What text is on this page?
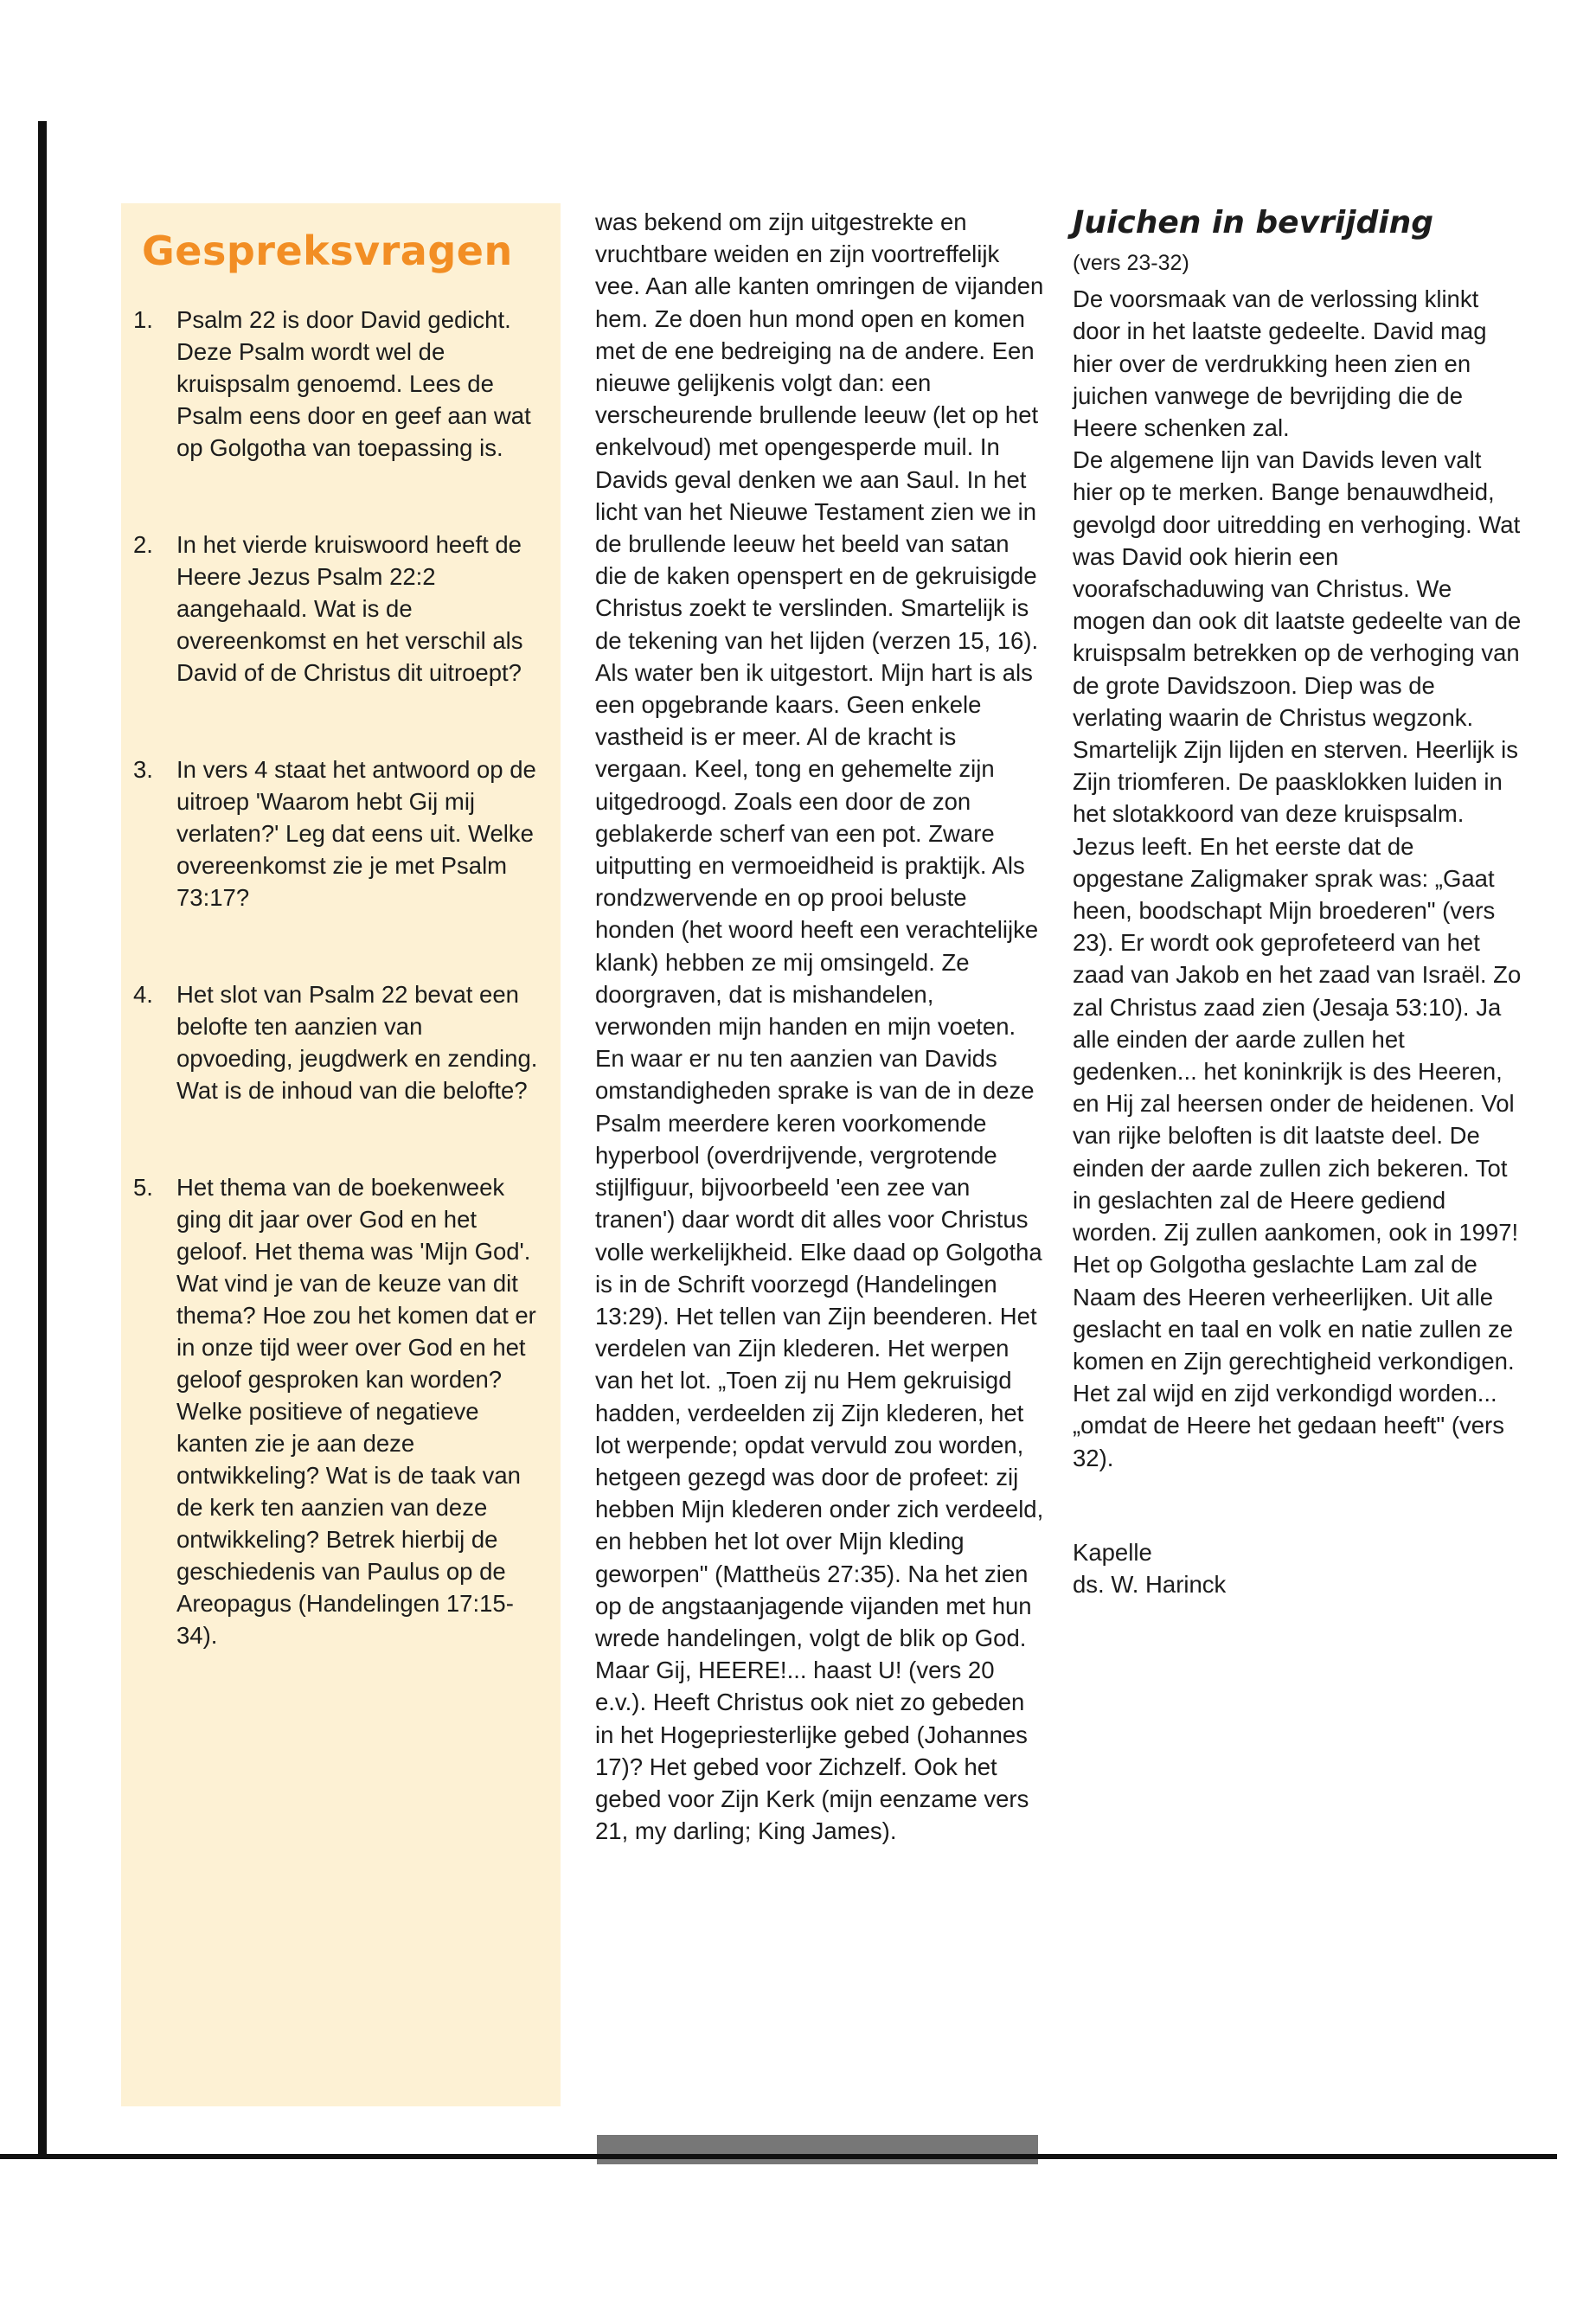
Gespreksvragen
1. Psalm 22 is door David gedicht. Deze Psalm wordt wel de kruispsalm genoemd. Lees de Psalm eens door en geef aan wat op Golgotha van toepassing is.
2. In het vierde kruiswoord heeft de Heere Jezus Psalm 22:2 aangehaald. Wat is de overeenkomst en het verschil als David of de Christus dit uitroept?
3. In vers 4 staat het antwoord op de uitroep 'Waarom hebt Gij mij verlaten?' Leg dat eens uit. Welke overeenkomst zie je met Psalm 73:17?
4. Het slot van Psalm 22 bevat een belofte ten aanzien van opvoeding, jeugdwerk en zending. Wat is de inhoud van die belofte?
5. Het thema van de boekenweek ging dit jaar over God en het geloof. Het thema was 'Mijn God'. Wat vind je van de keuze van dit thema? Hoe zou het komen dat er in onze tijd weer over God en het geloof gesproken kan worden? Welke positieve of negatieve kanten zie je aan deze ontwikkeling? Wat is de taak van de kerk ten aanzien van deze ontwikkeling? Betrek hierbij de geschiedenis van Paulus op de Areopagus (Handelingen 17:15-34).

was bekend om zijn uitgestrekte en vruchtbare weiden en zijn voortreffelijk vee. Aan alle kanten omringen de vijanden hem. Ze doen hun mond open en komen met de ene bedreiging na de andere. Een nieuwe gelijkenis volgt dan: een verscheurende brullende leeuw (let op het enkelvoud) met opengesperde muil. In Davids geval denken we aan Saul. In het licht van het Nieuwe Testament zien we in de brullende leeuw het beeld van satan die de kaken openspert en de gekruisigde Christus zoekt te verslinden. Smartelijk is de tekening van het lijden (verzen 15, 16). Als water ben ik uitgestort. Mijn hart is als een opgebrande kaars. Geen enkele vastheid is er meer. Al de kracht is vergaan. Keel, tong en gehemelte zijn uitgedroogd. Zoals een door de zon geblakerde scherf van een pot. Zware uitputting en vermoeidheid is praktijk. Als rondzwervende en op prooi beluste honden (het woord heeft een verachtelijke klank) hebben ze mij omsingeld. Ze doorgraven, dat is mishandelen, verwonden mijn handen en mijn voeten. En waar er nu ten aanzien van Davids omstandigheden sprake is van de in deze Psalm meerdere keren voorkomende hyperbool (overdrijvende, vergrotende stijlfiguur, bijvoorbeeld 'een zee van tranen') daar wordt dit alles voor Christus volle werkelijkheid. Elke daad op Golgotha is in de Schrift voorzegd (Handelingen 13:29). Het tellen van Zijn beenderen. Het verdelen van Zijn klederen. Het werpen van het lot. „Toen zij nu Hem gekruisigd hadden, verdeelden zij Zijn klederen, het lot werpende; opdat vervuld zou worden, hetgeen gezegd was door de profeet: zij hebben Mijn klederen onder zich verdeeld, en hebben het lot over Mijn kleding geworpen" (Mattheüs 27:35). Na het zien op de angstaanjagende vijanden met hun wrede handelingen, volgt de blik op God. Maar Gij, HEERE!... haast U! (vers 20 e.v.). Heeft Christus ook niet zo gebeden in het Hogepriesterlijke gebed (Johannes 17)? Het gebed voor Zichzelf. Ook het gebed voor Zijn Kerk (mijn eenzame vers 21, my darling; King James).

Juichen in bevrijding
(vers 23-32)

De voorsmaak van de verlossing klinkt door in het laatste gedeelte. David mag hier over de verdrukking heen zien en juichen vanwege de bevrijding die de Heere schenken zal.

De algemene lijn van Davids leven valt hier op te merken. Bange benauwdheid, gevolgd door uitredding en verhoging. Wat was David ook hierin een voorafschaduwing van Christus. We mogen dan ook dit laatste gedeelte van de kruispsalm betrekken op de verhoging van de grote Davidszoon. Diep was de verlating waarin de Christus wegzonk. Smartelijk Zijn lijden en sterven. Heerlijk is Zijn triomferen. De paasklokken luiden in het slotakkoord van deze kruispsalm. Jezus leeft. En het eerste dat de opgestane Zaligmaker sprak was: „Gaat heen, boodschapt Mijn broederen" (vers 23). Er wordt ook geprofeteerd van het zaad van Jakob en het zaad van Israël. Zo zal Christus zaad zien (Jesaja 53:10). Ja alle einden der aarde zullen het gedenken... het koninkrijk is des Heeren, en Hij zal heersen onder de heidenen. Vol van rijke beloften is dit laatste deel. De einden der aarde zullen zich bekeren. Tot in geslachten zal de Heere gediend worden. Zij zullen aankomen, ook in 1997! Het op Golgotha geslachte Lam zal de Naam des Heeren verheerlijken. Uit alle geslacht en taal en volk en natie zullen ze komen en Zijn gerechtigheid verkondigen. Het zal wijd en zijd verkondigd worden... „omdat de Heere het gedaan heeft" (vers 32).

Kapelle
ds. W. Harinck
